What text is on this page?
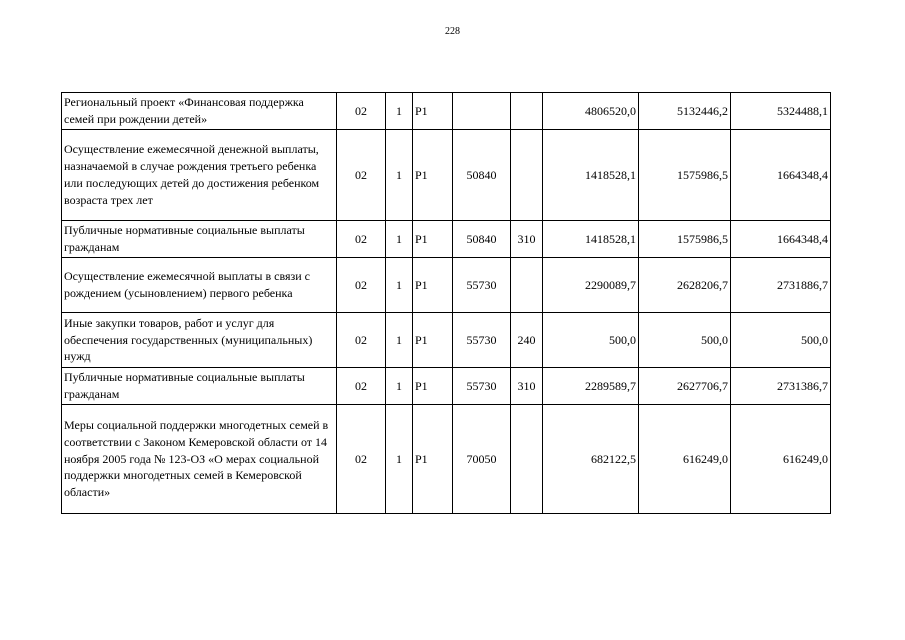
228
Региональный проект «Финансовая поддержка семей при рождении детей»	02	1	Р1			4806520,0	5132446,2	5324488,1
Осуществление ежемесячной денежной выплаты, назначаемой в случае рождения третьего ребенка или последующих детей до достижения ребенком возраста трех лет	02	1	Р1	50840		1418528,1	1575986,5	1664348,4
Публичные нормативные социальные выплаты гражданам	02	1	Р1	50840	310	1418528,1	1575986,5	1664348,4
Осуществление ежемесячной выплаты в связи с рождением (усыновлением) первого ребенка	02	1	Р1	55730		2290089,7	2628206,7	2731886,7
Иные закупки товаров, работ и услуг для обеспечения государственных (муниципальных) нужд	02	1	Р1	55730	240	500,0	500,0	500,0
Публичные нормативные социальные выплаты гражданам	02	1	Р1	55730	310	2289589,7	2627706,7	2731386,7
Меры социальной поддержки многодетных семей в соответствии с Законом Кемеровской области от 14 ноября 2005 года № 123-ОЗ «О мерах социальной поддержки многодетных семей в Кемеровской области»	02	1	Р1	70050		682122,5	616249,0	616249,0
